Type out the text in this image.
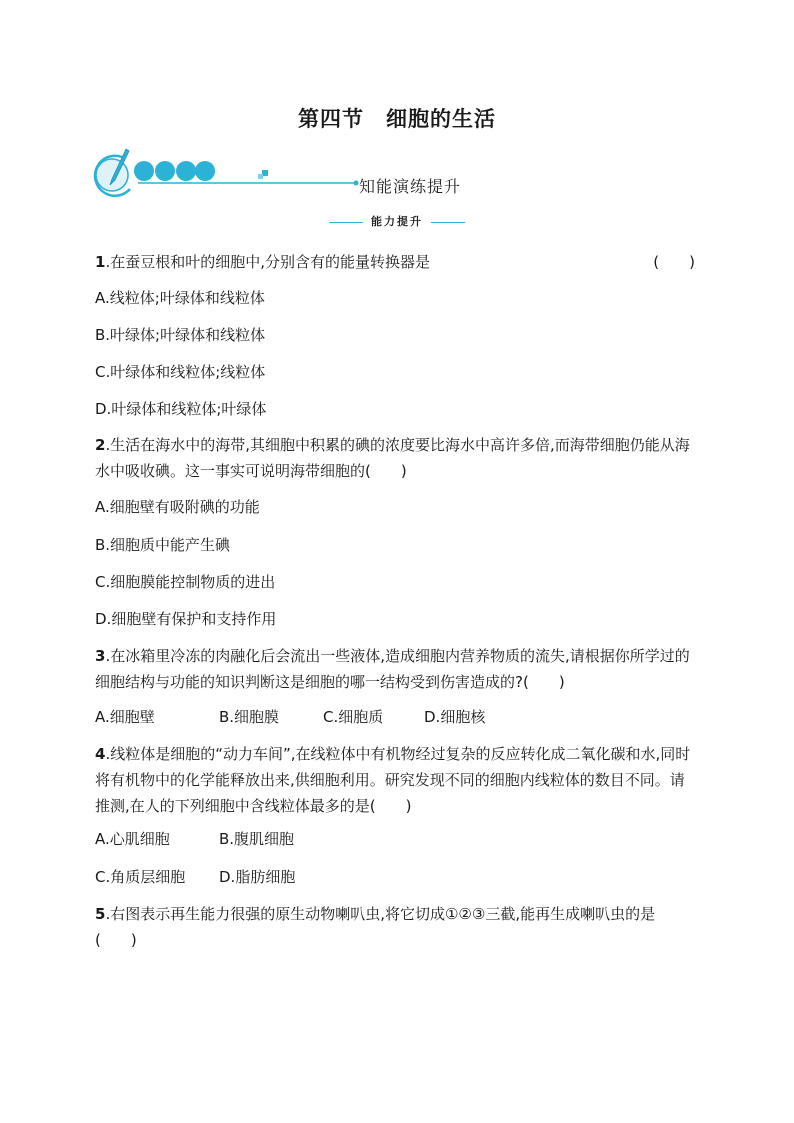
第四节　细胞的生活
知能演练提升
能力提升
1.在蚕豆根和叶的细胞中,分别含有的能量转换器是	(　　)
A.线粒体;叶绿体和线粒体
B.叶绿体;叶绿体和线粒体
C.叶绿体和线粒体;线粒体
D.叶绿体和线粒体;叶绿体
2.生活在海水中的海带,其细胞中积累的碘的浓度要比海水中高许多倍,而海带细胞仍能从海水中吸收碘。这一事实可说明海带细胞的(　　)
A.细胞壁有吸附碘的功能
B.细胞质中能产生碘
C.细胞膜能控制物质的进出
D.细胞壁有保护和支持作用
3.在冰箱里冷冻的肉融化后会流出一些液体,造成细胞内营养物质的流失,请根据你所学过的细胞结构与功能的知识判断这是细胞的哪一结构受到伤害造成的?(　　)
A.细胞壁	B.细胞膜	C.细胞质	D.细胞核
4.线粒体是细胞的“动力车间”,在线粒体中有机物经过复杂的反应转化成二氧化碳和水,同时将有机物中的化学能释放出来,供细胞利用。研究发现不同的细胞内线粒体的数目不同。请推测,在人的下列细胞中含线粒体最多的是(　　)
A.心肌细胞	B.腹肌细胞
C.角质层细胞 D.脂肪细胞
5.右图表示再生能力很强的原生动物喇叭虫,将它切成①②③三截,能再生成喇叭虫的是(　　)
